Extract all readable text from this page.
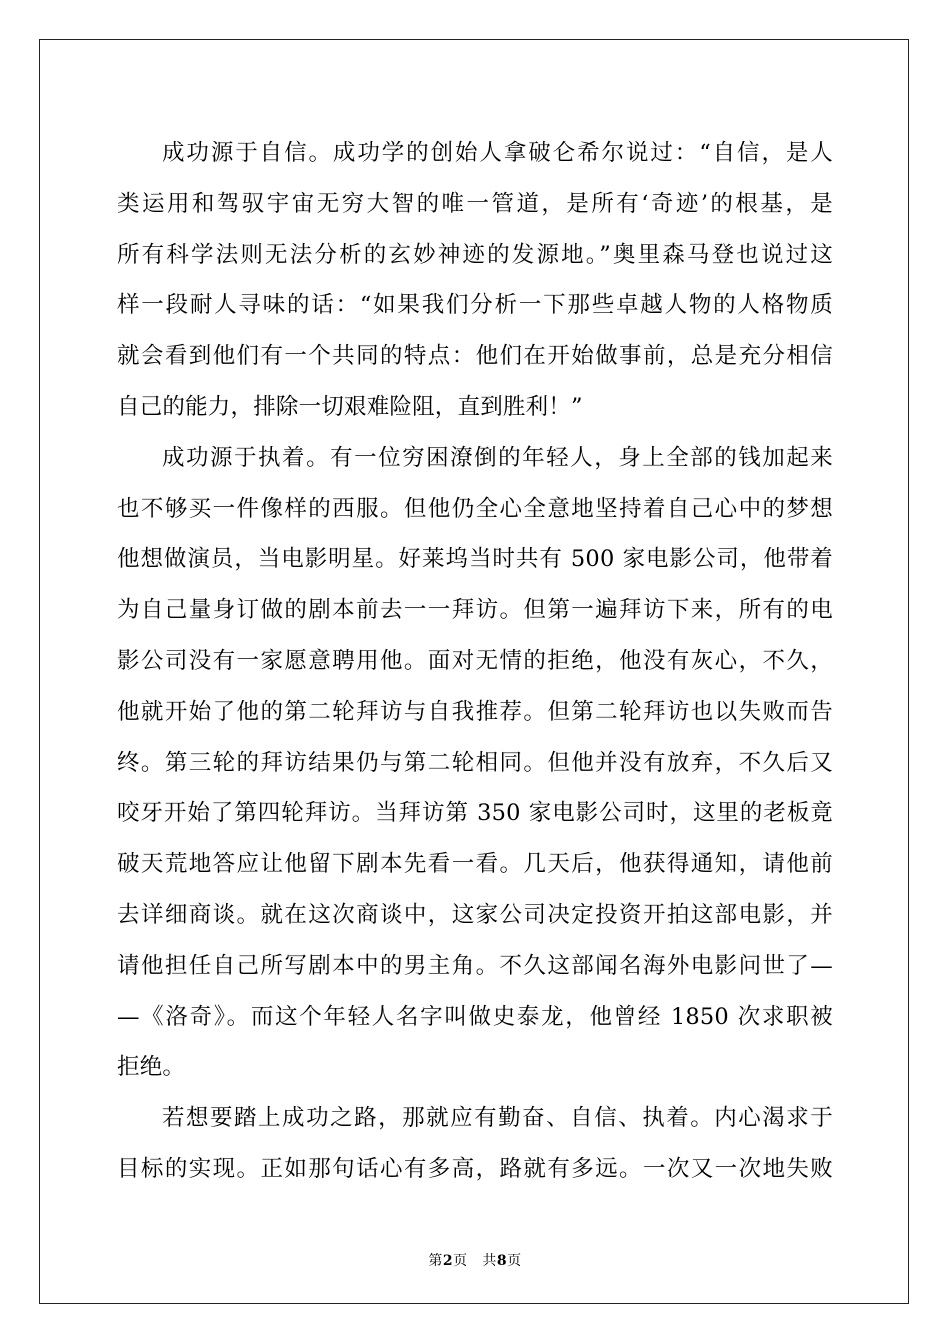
成功源于自信。成功学的创始人拿破仑希尔说过：“自信，是人
类运用和驾驭宇宙无穷大智的唯一管道，是所有‘奇迹’的根基，是
所有科学法则无法分析的玄妙神迹的发源地。”奥里森马登也说过这
样一段耐人寻味的话：“如果我们分析一下那些卓越人物的人格物质
就会看到他们有一个共同的特点：他们在开始做事前，总是充分相信
自己的能力，排除一切艰难险阻，直到胜利！”
成功源于执着。有一位穷困潦倒的年轻人，身上全部的钱加起来
也不够买一件像样的西服。但他仍全心全意地坚持着自己心中的梦想
他想做演员，当电影明星。好莱坞当时共有 500 家电影公司，他带着
为自己量身订做的剧本前去一一拜访。但第一遍拜访下来，所有的电
影公司没有一家愿意聘用他。面对无情的拒绝，他没有灰心，不久，
他就开始了他的第二轮拜访与自我推荐。但第二轮拜访也以失败而告
终。第三轮的拜访结果仍与第二轮相同。但他并没有放弃，不久后又
咬牙开始了第四轮拜访。当拜访第 350 家电影公司时，这里的老板竟
破天荒地答应让他留下剧本先看一看。几天后，他获得通知，请他前
去详细商谈。就在这次商谈中，这家公司决定投资开拍这部电影，并
请他担任自己所写剧本中的男主角。不久这部闻名海外电影问世了—
—《洛奇》。而这个年轻人名字叫做史泰龙，他曾经 1850 次求职被
拒绝。
若想要踏上成功之路，那就应有勤奋、自信、执着。内心渴求于
目标的实现。正如那句话心有多高，路就有多远。一次又一次地失败
第2页 共8页
